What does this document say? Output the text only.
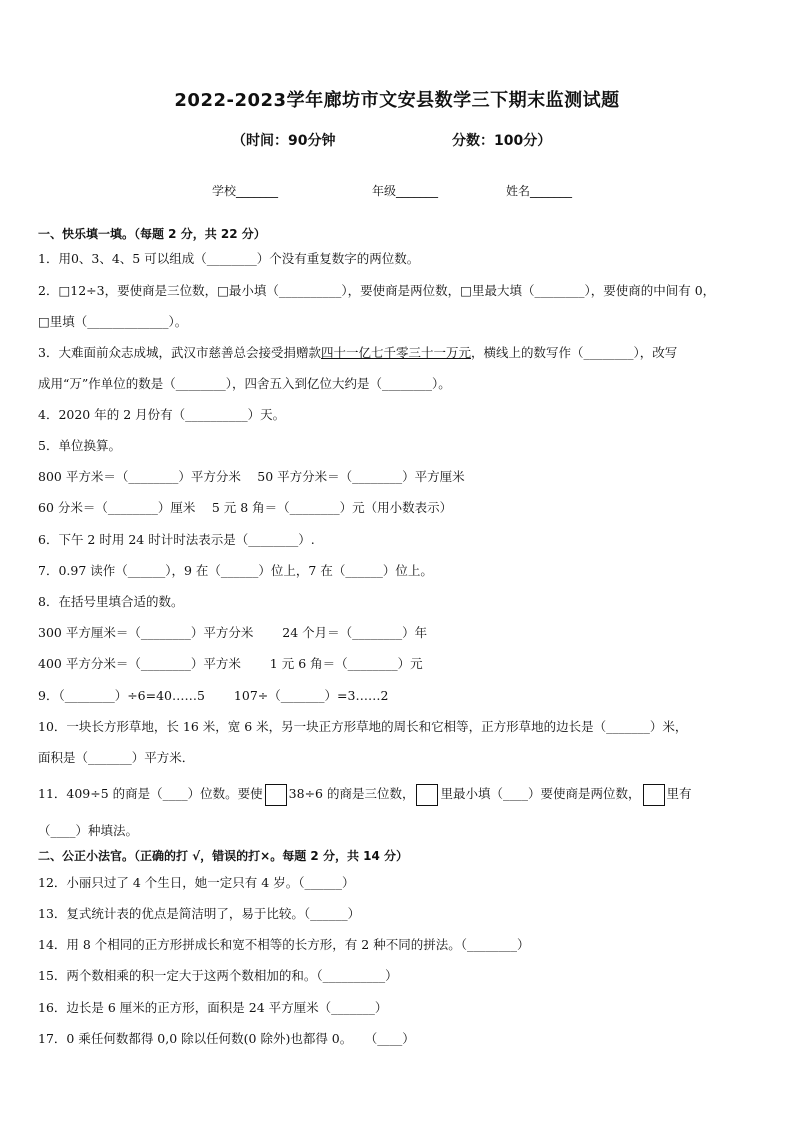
2022-2023学年廊坊市文安县数学三下期末监测试题
（时间：90分钟	分数：100分）
学校_______	年级_______	姓名_______
一、快乐填一填。（每题 2 分，共 22 分）
1．用0、3、4、5 可以组成（________）个没有重复数字的两位数。
2．□12÷3，要使商是三位数，□最小填（__________），要使商是两位数，□里最大填（________），要使商的中间有 0，
□里填（_____________）。
3．大难面前众志成城，武汉市慈善总会接受捐赠款四十一亿七千零三十一万元，横线上的数写作（________），改写
成用“万”作单位的数是（________），四舍五入到亿位大约是（________）。
4．2020 年的 2 月份有（__________）天。
5．单位换算。
800 平方米＝（________）平方分米　 50 平方分米＝（________）平方厘米
60 分米＝（________）厘米　 5 元 8 角＝（________）元（用小数表示）
6．下午 2 时用 24 时计时法表示是（________）.
7．0.97 读作（______），9 在（______）位上，7 在（______）位上。
8．在括号里填合适的数。
300 平方厘米＝（________）平方分米　　 24 个月＝（________）年
400 平方分米＝（________）平方米　　 1 元 6 角＝（________）元
9．（________）÷6=40……5　　 107÷（_______）=3……2
10．一块长方形草地，长 16 米，宽 6 米，另一块正方形草地的周长和它相等，正方形草地的边长是（_______）米，
面积是（_______）平方米．
11．409÷5 的商是（____）位数。要使 38÷6 的商是三位数， 里最小填（____）要使商是两位数， 里有
（____）种填法。
二、公正小法官。（正确的打 √，错误的打×。每题 2 分，共 14 分）
12．小丽只过了 4 个生日，她一定只有 4 岁。（______）
13．复式统计表的优点是简洁明了，易于比较。（______）
14．用 8 个相同的正方形拼成长和宽不相等的长方形，有 2 种不同的拼法。（________）
15．两个数相乘的积一定大于这两个数相加的和。（__________）
16．边长是 6 厘米的正方形，面积是 24 平方厘米（_______）
17．0 乘任何数都得 0,0 除以任何数(0 除外)也都得 0。　　（____）
